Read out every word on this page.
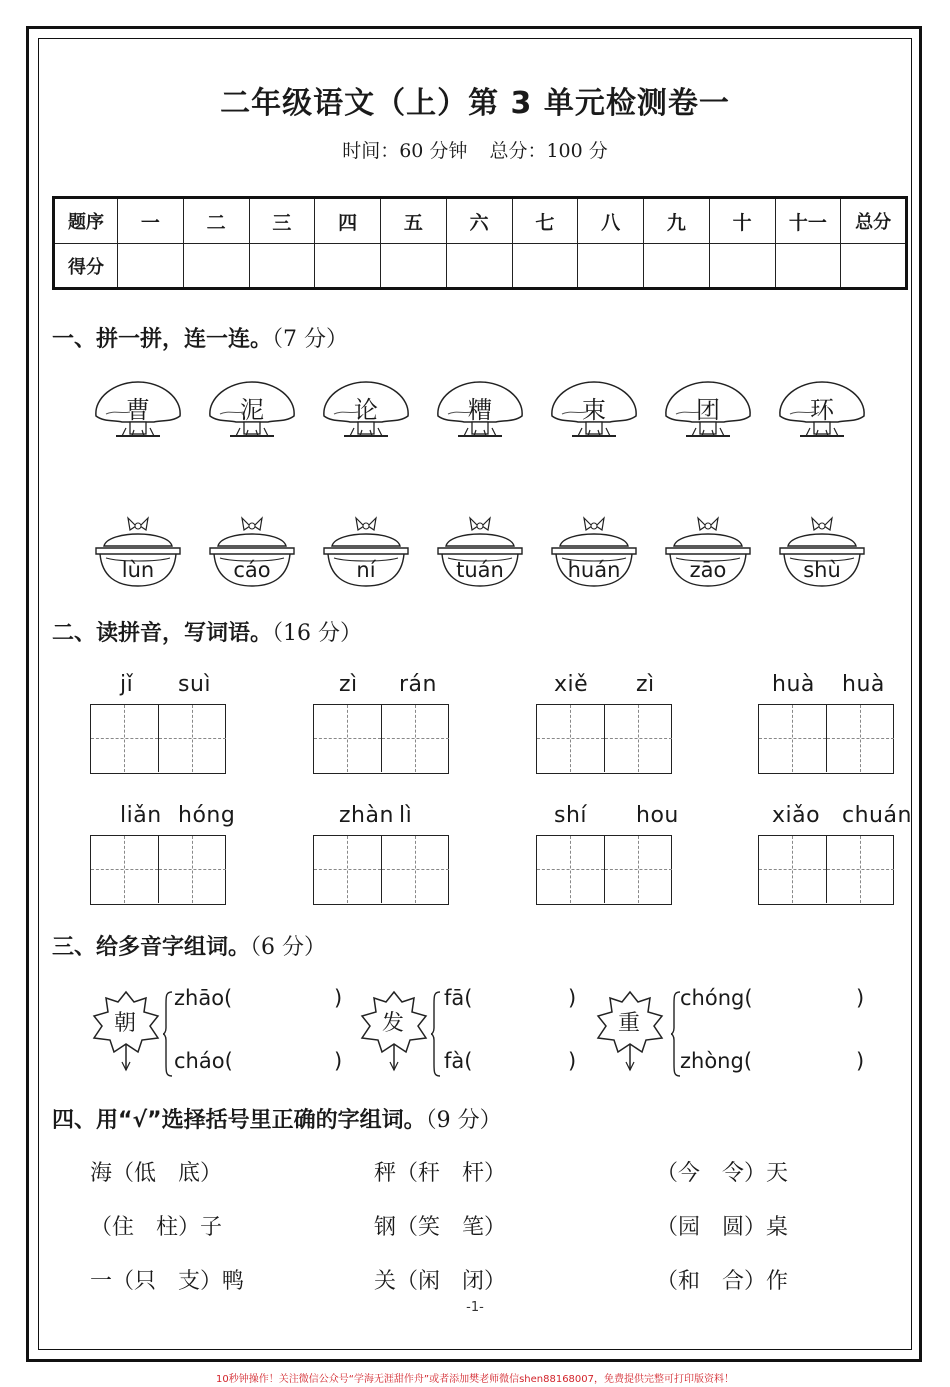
二年级语文（上）第 3 单元检测卷一
时间：60 分钟 总分：100 分
题序	一	二	三	四	五	六	七	八	九	十	十一	总分
得分												
一、拼一拼，连一连。（7 分）
曹	泥	论	糟	束	团	环
lùn	cáo	ní	tuán	huán	zāo	shù
二、读拼音，写词语。（16 分）
jǐ suì	zì rán	xiě zì	huà huà
liǎn hóng	zhàn lì	shí hou	xiǎo chuán
三、给多音字组词。（6 分）
朝
zhāo(	)
cháo(	)
发
fā(	)
fà(	)
重
chóng(	)
zhòng(	)
四、用“√”选择括号里正确的字组词。（9 分）
海（低　底）	秤（秆　杆）	（今　令）天
（住　柱）子	钢（笑　笔）	（园　圆）桌
一（只　支）鸭	关（闲　闭）	（和　合）作
-1-
10秒钟操作！关注微信公众号“学海无涯甜作舟”或者添加樊老师微信shen88168007，免费提供完整可打印版资料！
